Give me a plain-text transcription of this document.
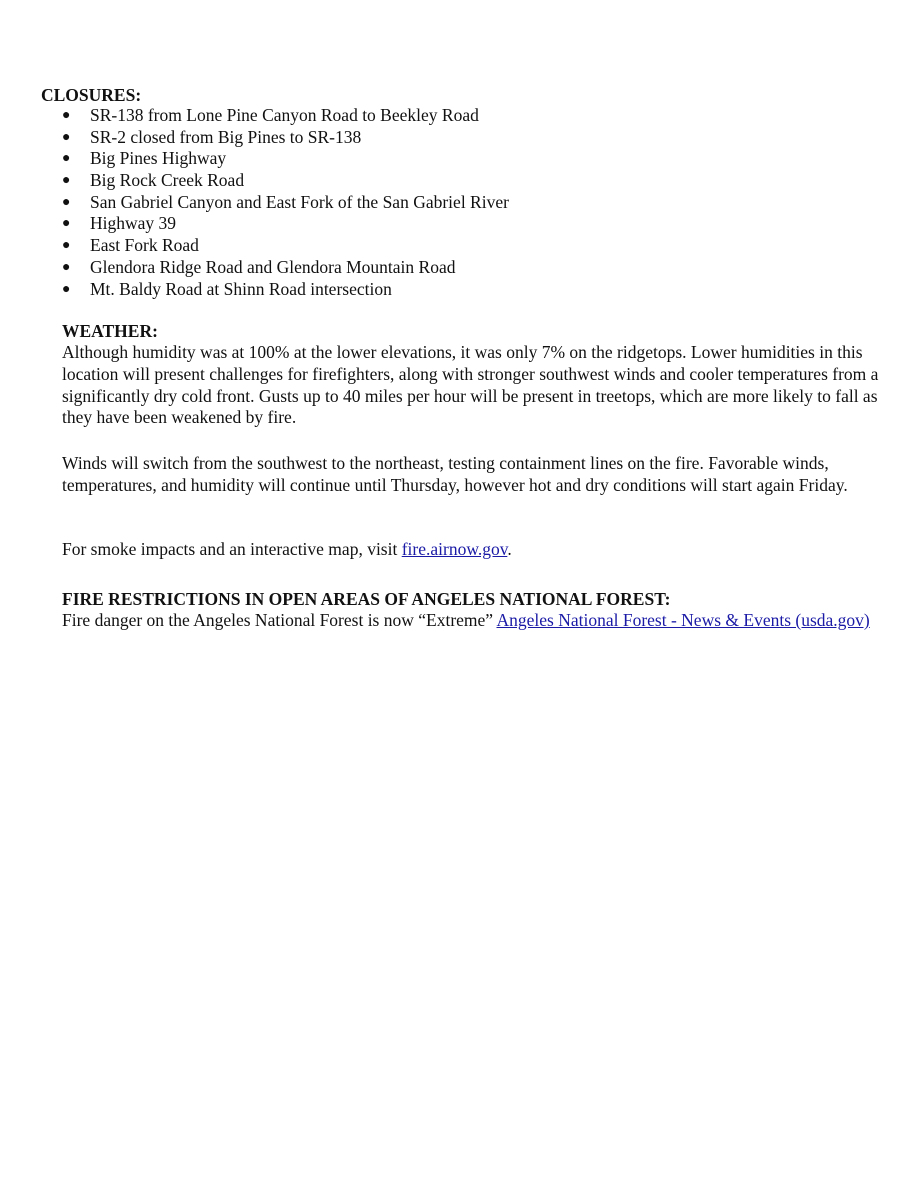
CLOSURES:

● SR-138 from Lone Pine Canyon Road to Beekley Road
● SR-2 closed from Big Pines to SR-138
● Big Pines Highway
● Big Rock Creek Road
● San Gabriel Canyon and East Fork of the San Gabriel River
● Highway 39
● East Fork Road
● Glendora Ridge Road and Glendora Mountain Road
● Mt. Baldy Road at Shinn Road intersection

WEATHER:

Although humidity was at 100% at the lower elevations, it was only 7% on the ridgetops. Lower humidities in this location will present challenges for firefighters, along with stronger southwest winds and cooler temperatures from a significantly dry cold front. Gusts up to 40 miles per hour will be present in treetops, which are more likely to fall as they have been weakened by fire.

Winds will switch from the southwest to the northeast, testing containment lines on the fire. Favorable winds, temperatures, and humidity will continue until Thursday, however hot and dry conditions will start again Friday.

For smoke impacts and an interactive map, visit fire.airnow.gov.

FIRE RESTRICTIONS IN OPEN AREAS OF ANGELES NATIONAL FOREST:

Fire danger on the Angeles National Forest is now “Extreme” Angeles National Forest - News & Events (usda.gov)
